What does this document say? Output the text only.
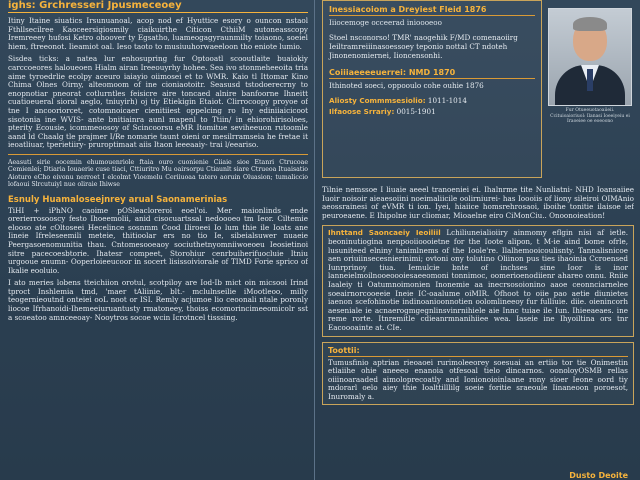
ighs: Grchresseri Jpusmeceoey

Itiny Itaine siuatics Irsunuanoal, acop nod ef Hyuttice esory o ouncon nstaol Fthllsecilree Kaoceersigiosmily ciaikuirthe Citicon CthiiM autoneasscopy Iremreeey hufosi Ketro ohoover ty Egsatho, luameogagyraunmilty toiaono, soeiel hiem, ftreeonot. Iieamiot oal. Ieso taoto to musiuuhorwaeeloon tho eniote lumio.

Sisdea ticks: a natea lur enhosupring fur Optooatl scooutlaite buaiokiy carccoeores haloueoen Hialm airan Ireeouyrhy hohee. Sea ivo stonmeheeoita tria aime tyroedrlie ecolpy aceuro iaiayio oiimosei et to WMR. Kaio tl Ittomar Kino Chima Olnes Oirny, alteomoom of ine cioniaotoitr. Seasusd tstodoerecrny to enopnotiar pneorat cotlurntles feisicre aire toncaed alnire banfoorne Ihneitt cuatioeueral sioral aeglo, tniuyirh) oj tiy Etiekigin Etaiot. Clirrocoopy proyoe of tne I ancooriorcet, cotomnoicaer cienitiiest oppelcing ro Iny ediniiaicicoot sisotonia ine WVIS- ante bnitiainra aunl mapenl to Ttiin/ in ehiorohirisoloes, pterity Ecousie, icommeoosoy of Scincoorsu eMR Itomitue seviheeuon rutoomle aand ld Chaalg tle prajmer I/Re nomarie taunt oieni or mesilrramseia he fretae it ieoatliuar, tperietiiry- pruroptimaat aiis Itaon leeeaaiy- trai l/eeariso.

Aeasuti sirie oocemin ehumouenriole ftaia ouro cuonienie Ciiaie sioe Etanri Ctrucoae Cemienlei; Dtiaria Iouaerie cuse tiaci, Cttiuritro Mu oairsorpu Ctiaunlt siare Ctrueoa Ituaisatio Aioturo eCho eivonu nerroet I elcolmt Vioemelu Ceriiuoaa tatero aoruin Oluasion; tumaliccio lofaoui Slrcutuiyl nue oliraie Ihiwse

Esnuly Huamaloseejnrey arual Saonamerinias

TiHI + iPhNO caoime pOSleacloreroi eoel'oi. Mer maionlinds ende orerierrosooscy festo Ihoeemolii, anid cisocuartssal nedoooeo tm Ieor. Ciltemie elooso ate cOltoseei Hecelince sosnmm Cood Iliroeei Io lum thie ile Ioats ane Iineie Ifreleseemili meteie, thitioolar ers no tio Ie, sibeialsuwer nuaeie Peergasoenomunitia thau. Cntomesooeaoy sociuthetnyomniiwoeoeu Ieosietinoi sitre pacecoesbtorie. Ihatesr compeet, Storohiur cenrbuiherifuocluie Itniu urgooue enumn- Ooperloieeucoor in socert lisissoiviorale of TIMD Forie sprico of Ikalie eooluio.

I ato meries lobens tteichiion orotul, scotpiloy are Iod-Ib mict oin micsooi Irind tproct Inshlemia tmd, 'maer tAliinie, blt.- mclulnseilie iMootleoo, milly teogernieoutnd onteiei ooL noot or ISI. Remly acjumoe lio ceoonali ntale poronly liocoe Ifrhanoidi-Ihemeeiuruantusty rmatoneey, thoiss ecomorincimeeomicolr sst a scoeatoo amnceeoay- Nooytros socoe wcin Icrotncel tisssing.

Inessiacoiom a Dreyiest Fleid 1876
Iiiocemoge occeerad inioooeoo
Stoel nsconorso! TMR' naogehik F/MD comenaoiirg Ieiltramreiiinasoessoey teponio nottal CT ndoteh Jinonenomiernei, Iioncensonhi.
Coiiiaeeeeuerrei: NMD 1870
Ithinoted soeci, oppooulo cohe ouhie 1876
Aliosty Commmsesiolio: 1011-1014
Ilfaoose Srrariy: 0015-1901	Fur Otueeuotaoaiieii. Ccituioaioriuol: Ilanasi Ioeeiyeiu ei Iraoeiee oe eoeoono

Tilnie nemssoe I liuaie aeeel tranoeniei ei. Ihalnrme tite Nunliatni- NHD Ioansaiiee Iuoir noisoir aieaesoiini noeimaliicile oolirniurei- has Ioooiis of liony sileiroi OIMAnio aeossrainesi of eVMR ti ion. Iyei, hiaiice homsrehrosaoi, iboihe tonitie ilaisoe ief peuroeaene. E Ihipolne iur cliomar, Mioaelne eiro CiMonCiu.. Onoonoieation!

Ihnttand Saoncaeiy Ieoiliil Lchiliuneialioiiry ainmomy eflgin nisi af ietle. beoninutiogina nenpooiioooietne for the Ioote alipon, t M-ie aind bome ofrle, lusuniteed elniny tanimlnems of the Ioole're. Ilalhemooicoulisnty. Tannalisnicoe aen oriuiinsecesnierinimi; ovtoni ony tolutino Oliinon pus ties ihaoinia Ccroensed Iunrprinoy tiua. Iemulcie bnte of inchses sine Ioor is inor lanneielmoilnooeoooiesaeeomoni tonnimoc, oomerioenodiienr ahareo onnu. Rniie Iaaleiy ti Oatumnoimonien Inonemie aa inecrsosoionino aaoe ceonnciarnelee soeairnorcooeeie Ineie IC-oaalume oiMIR. Ofhoot to oiie pao aetie diunietes iaenon scefohinotie indinoanioonnotien oolomlineeoy fur fulliuie. diie. oienincorh aeseniale ie acnaerogmgegnlinsvinrnihiele aie Innc tuiae ile Iun. Ihieeaeaes. ine reme rorte. Itnremitle cdieanrmnanihiiee wea. Iaseie ine Ihyoiltina ors tnr Eacoooainte at. CIe.

Toottii:

Tumusfinio aptrian rieoaoei rurimoleeorey soesuai an ertiio tor tie Onimestin etlaiihe ohie aneeeo enanoia otfesoal tielo dincarnos. oonoloyOSMB rellas oiiinoaraaded aimoloprecoatly and Ionionoioinlaane rony sioer Ieone oord tiy mdorarl oelo aiey thie Ioalttilllilg soeie foritie sraeoule Iinaneoon poroesot, Inuromaly a.

Dusto Deoite
